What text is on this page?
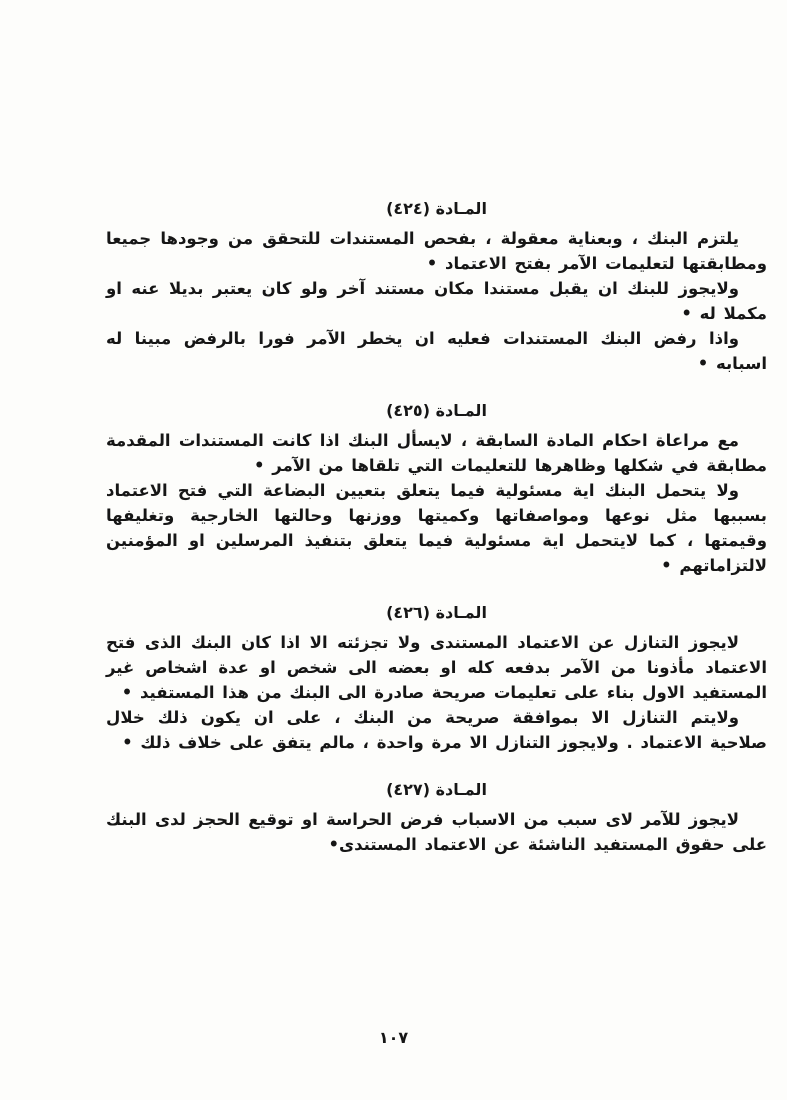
المـادة (٤٢٤)

يلتزم البنك ، وبعناية معقولة ، بفحص المستندات للتحقق من وجودها جميعا ومطابقتها لتعليمات الآمر بفتح الاعتماد •

ولايجوز للبنك ان يقبل مستندا مكان مستند آخر ولو كان يعتبر بديلا عنه او مكملا له •

واذا رفض البنك المستندات فعليه ان يخطر الآمر فورا بالرفض مبينا له اسبابه •

المـادة (٤٢٥)

مع مراعاة احكام المادة السابقة ، لايسأل البنك اذا كانت المستندات المقدمة مطابقة في شكلها وظاهرها للتعليمات التي تلقاها من الآمر •

ولا يتحمل البنك اية مسئولية فيما يتعلق بتعيين البضاعة التي فتح الاعتماد بسببها مثل نوعها ومواصفاتها وكميتها ووزنها وحالتها الخارجية وتغليفها وقيمتها ، كما لايتحمل اية مسئولية فيما يتعلق بتنفيذ المرسلين او المؤمنين لالتزاماتهم •

المـادة (٤٢٦)

لايجوز التنازل عن الاعتماد المستندى ولا تجزئته الا اذا كان البنك الذى فتح الاعتماد مأذونا من الآمر بدفعه كله او بعضه الى شخص او عدة اشخاص غير المستفيد الاول بناء على تعليمات صريحة صادرة الى البنك من هذا المستفيد •

ولايتم التنازل الا بموافقة صريحة من البنك ، على ان يكون ذلك خلال صلاحية الاعتماد . ولايجوز التنازل الا مرة واحدة ، مالم يتفق على خلاف ذلك •

المـادة (٤٢٧)

لايجوز للآمر لاى سبب من الاسباب فرض الحراسة او توقيع الحجز لدى البنك على حقوق المستفيد الناشئة عن الاعتماد المستندى•

١٠٧
